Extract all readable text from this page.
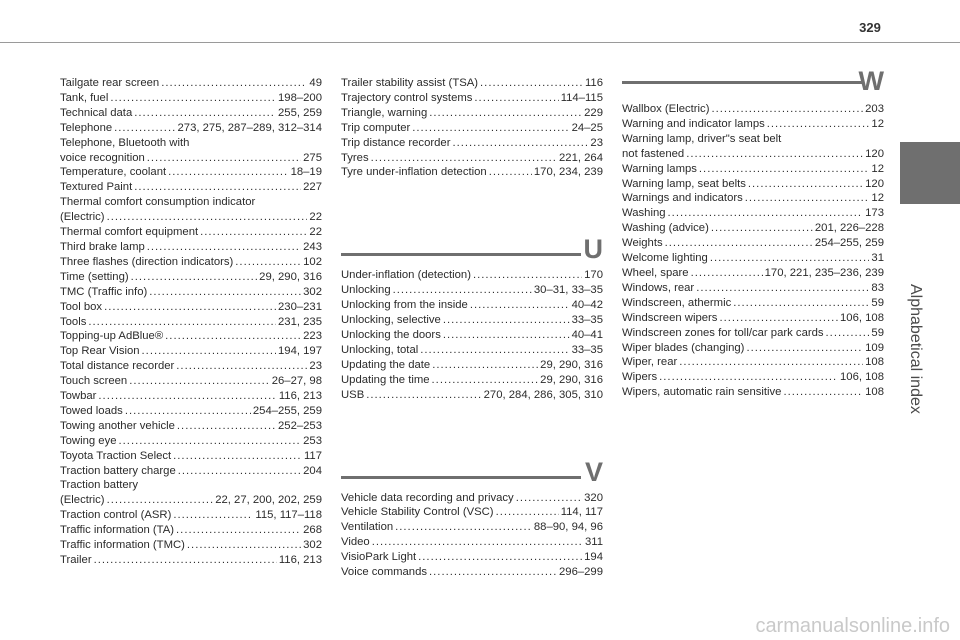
329
Alphabetical index
Tailgate rear screen .....	49
Tank, fuel .....	198–200
Technical data .....	255, 259
Telephone .....	273, 275, 287–289, 312–314
Telephone, Bluetooth with
voice recognition .....	275
Temperature, coolant .....	18–19
Textured Paint .....	227
Thermal comfort consumption indicator
(Electric) .....	22
Thermal comfort equipment .....	22
Third brake lamp .....	243
Three flashes (direction indicators) .....	102
Time (setting) .....	29, 290, 316
TMC (Traffic info) .....	302
Tool box .....	230–231
Tools .....	231, 235
Topping-up AdBlue® .....	223
Top Rear Vision .....	194, 197
Total distance recorder .....	23
Touch screen .....	26–27, 98
Towbar .....	116, 213
Towed loads .....	254–255, 259
Towing another vehicle .....	252–253
Towing eye .....	253
Toyota Traction Select .....	117
Traction battery charge .....	204
Traction battery
(Electric) .....	22, 27, 200, 202, 259
Traction control (ASR) .....	115, 117–118
Traffic information (TA) .....	268
Traffic information (TMC) .....	302
Trailer .....	116, 213
Trailer stability assist (TSA) .....	116
Trajectory control systems .....	114–115
Triangle, warning .....	229
Trip computer .....	24–25
Trip distance recorder .....	23
Tyres .....	221, 264
Tyre under-inflation detection .....	170, 234, 239
U
Under-inflation (detection) .....	170
Unlocking .....	30–31, 33–35
Unlocking from the inside .....	40–42
Unlocking, selective .....	33–35
Unlocking the doors .....	40–41
Unlocking, total .....	33–35
Updating the date .....	29, 290, 316
Updating the time .....	29, 290, 316
USB .....	270, 284, 286, 305, 310
V
Vehicle data recording and privacy .....	320
Vehicle Stability Control (VSC) .....	114, 117
Ventilation .....	88–90, 94, 96
Video .....	311
VisioPark Light .....	194
Voice commands .....	296–299
W
Wallbox (Electric) .....	203
Warning and indicator lamps .....	12
Warning lamp, driver"s seat belt
not fastened .....	120
Warning lamps .....	12
Warning lamp, seat belts .....	120
Warnings and indicators .....	12
Washing .....	173
Washing (advice) .....	201, 226–228
Weights .....	254–255, 259
Welcome lighting .....	31
Wheel, spare .....	170, 221, 235–236, 239
Windows, rear .....	83
Windscreen, athermic .....	59
Windscreen wipers .....	106, 108
Windscreen zones for toll/car park cards .....	59
Wiper blades (changing) .....	109
Wiper, rear .....	108
Wipers .....	106, 108
Wipers, automatic rain sensitive .....	108
carmanualsonline.info
